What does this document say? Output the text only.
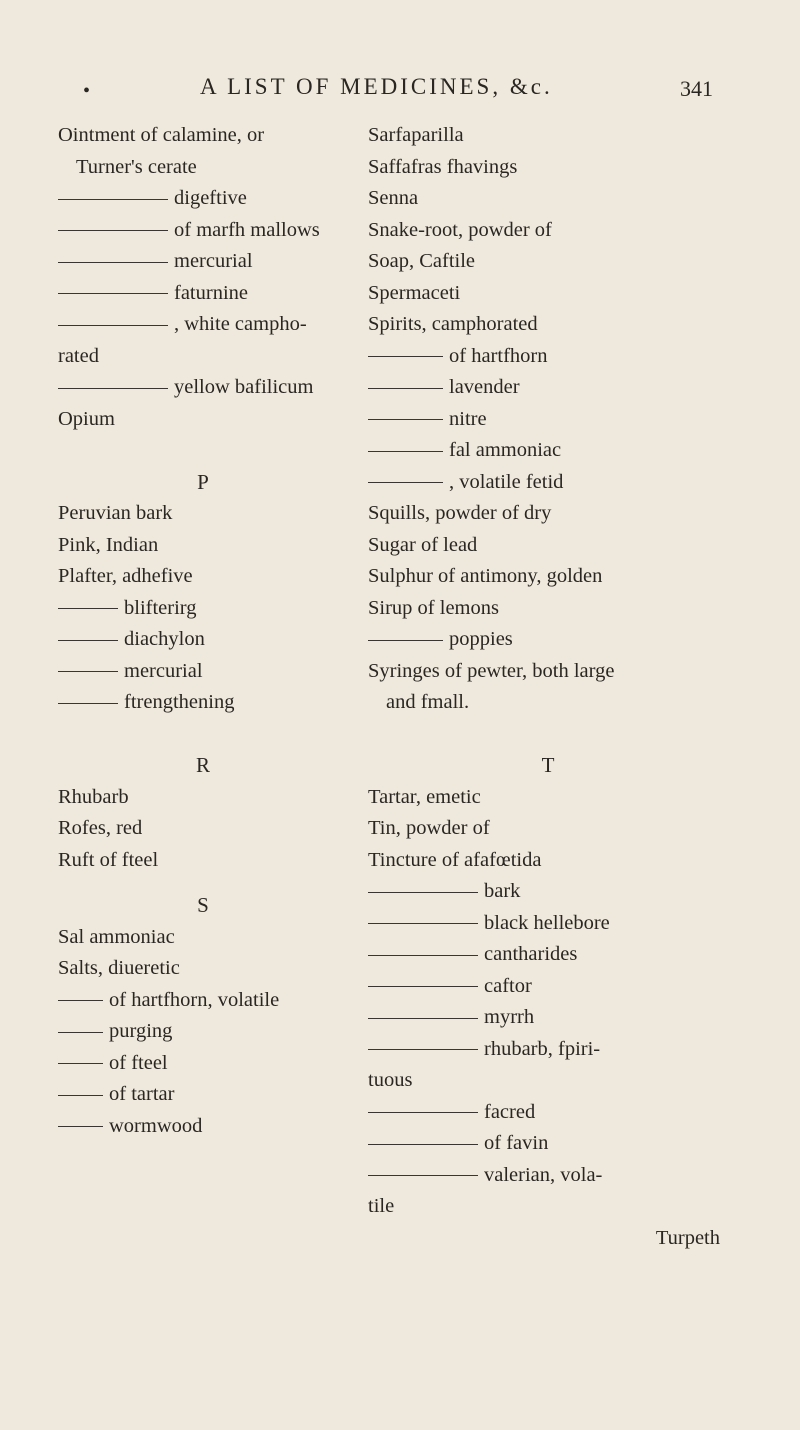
•	A LIST OF MEDICINES, &c.	341
Ointment of calamine, or
Turner's cerate
digeftive
of marfh mallows
mercurial
faturnine
, white campho-
rated
yellow bafilicum
Opium
P
Peruvian bark
Pink, Indian
Plafter, adhefive
blifterirg
diachylon
mercurial
ftrengthening
R
Rhubarb
Rofes, red
Ruft of fteel
S
Sal ammoniac
Salts, diueretic
of hartfhorn, volatile
purging
of fteel
of tartar
wormwood
Sarfaparilla
Saffafras fhavings
Senna
Snake-root, powder of
Soap, Caftile
Spermaceti
Spirits, camphorated
of hartfhorn
lavender
nitre
fal ammoniac
, volatile fetid
Squills, powder of dry
Sugar of lead
Sulphur of antimony, golden
Sirup of lemons
poppies
Syringes of pewter, both large
and fmall.
T
Tartar, emetic
Tin, powder of
Tincture of afafœtida
bark
black hellebore
cantharides
caftor
myrrh
rhubarb, fpiri-
tuous
facred
of favin
valerian, vola-
tile
Turpeth
